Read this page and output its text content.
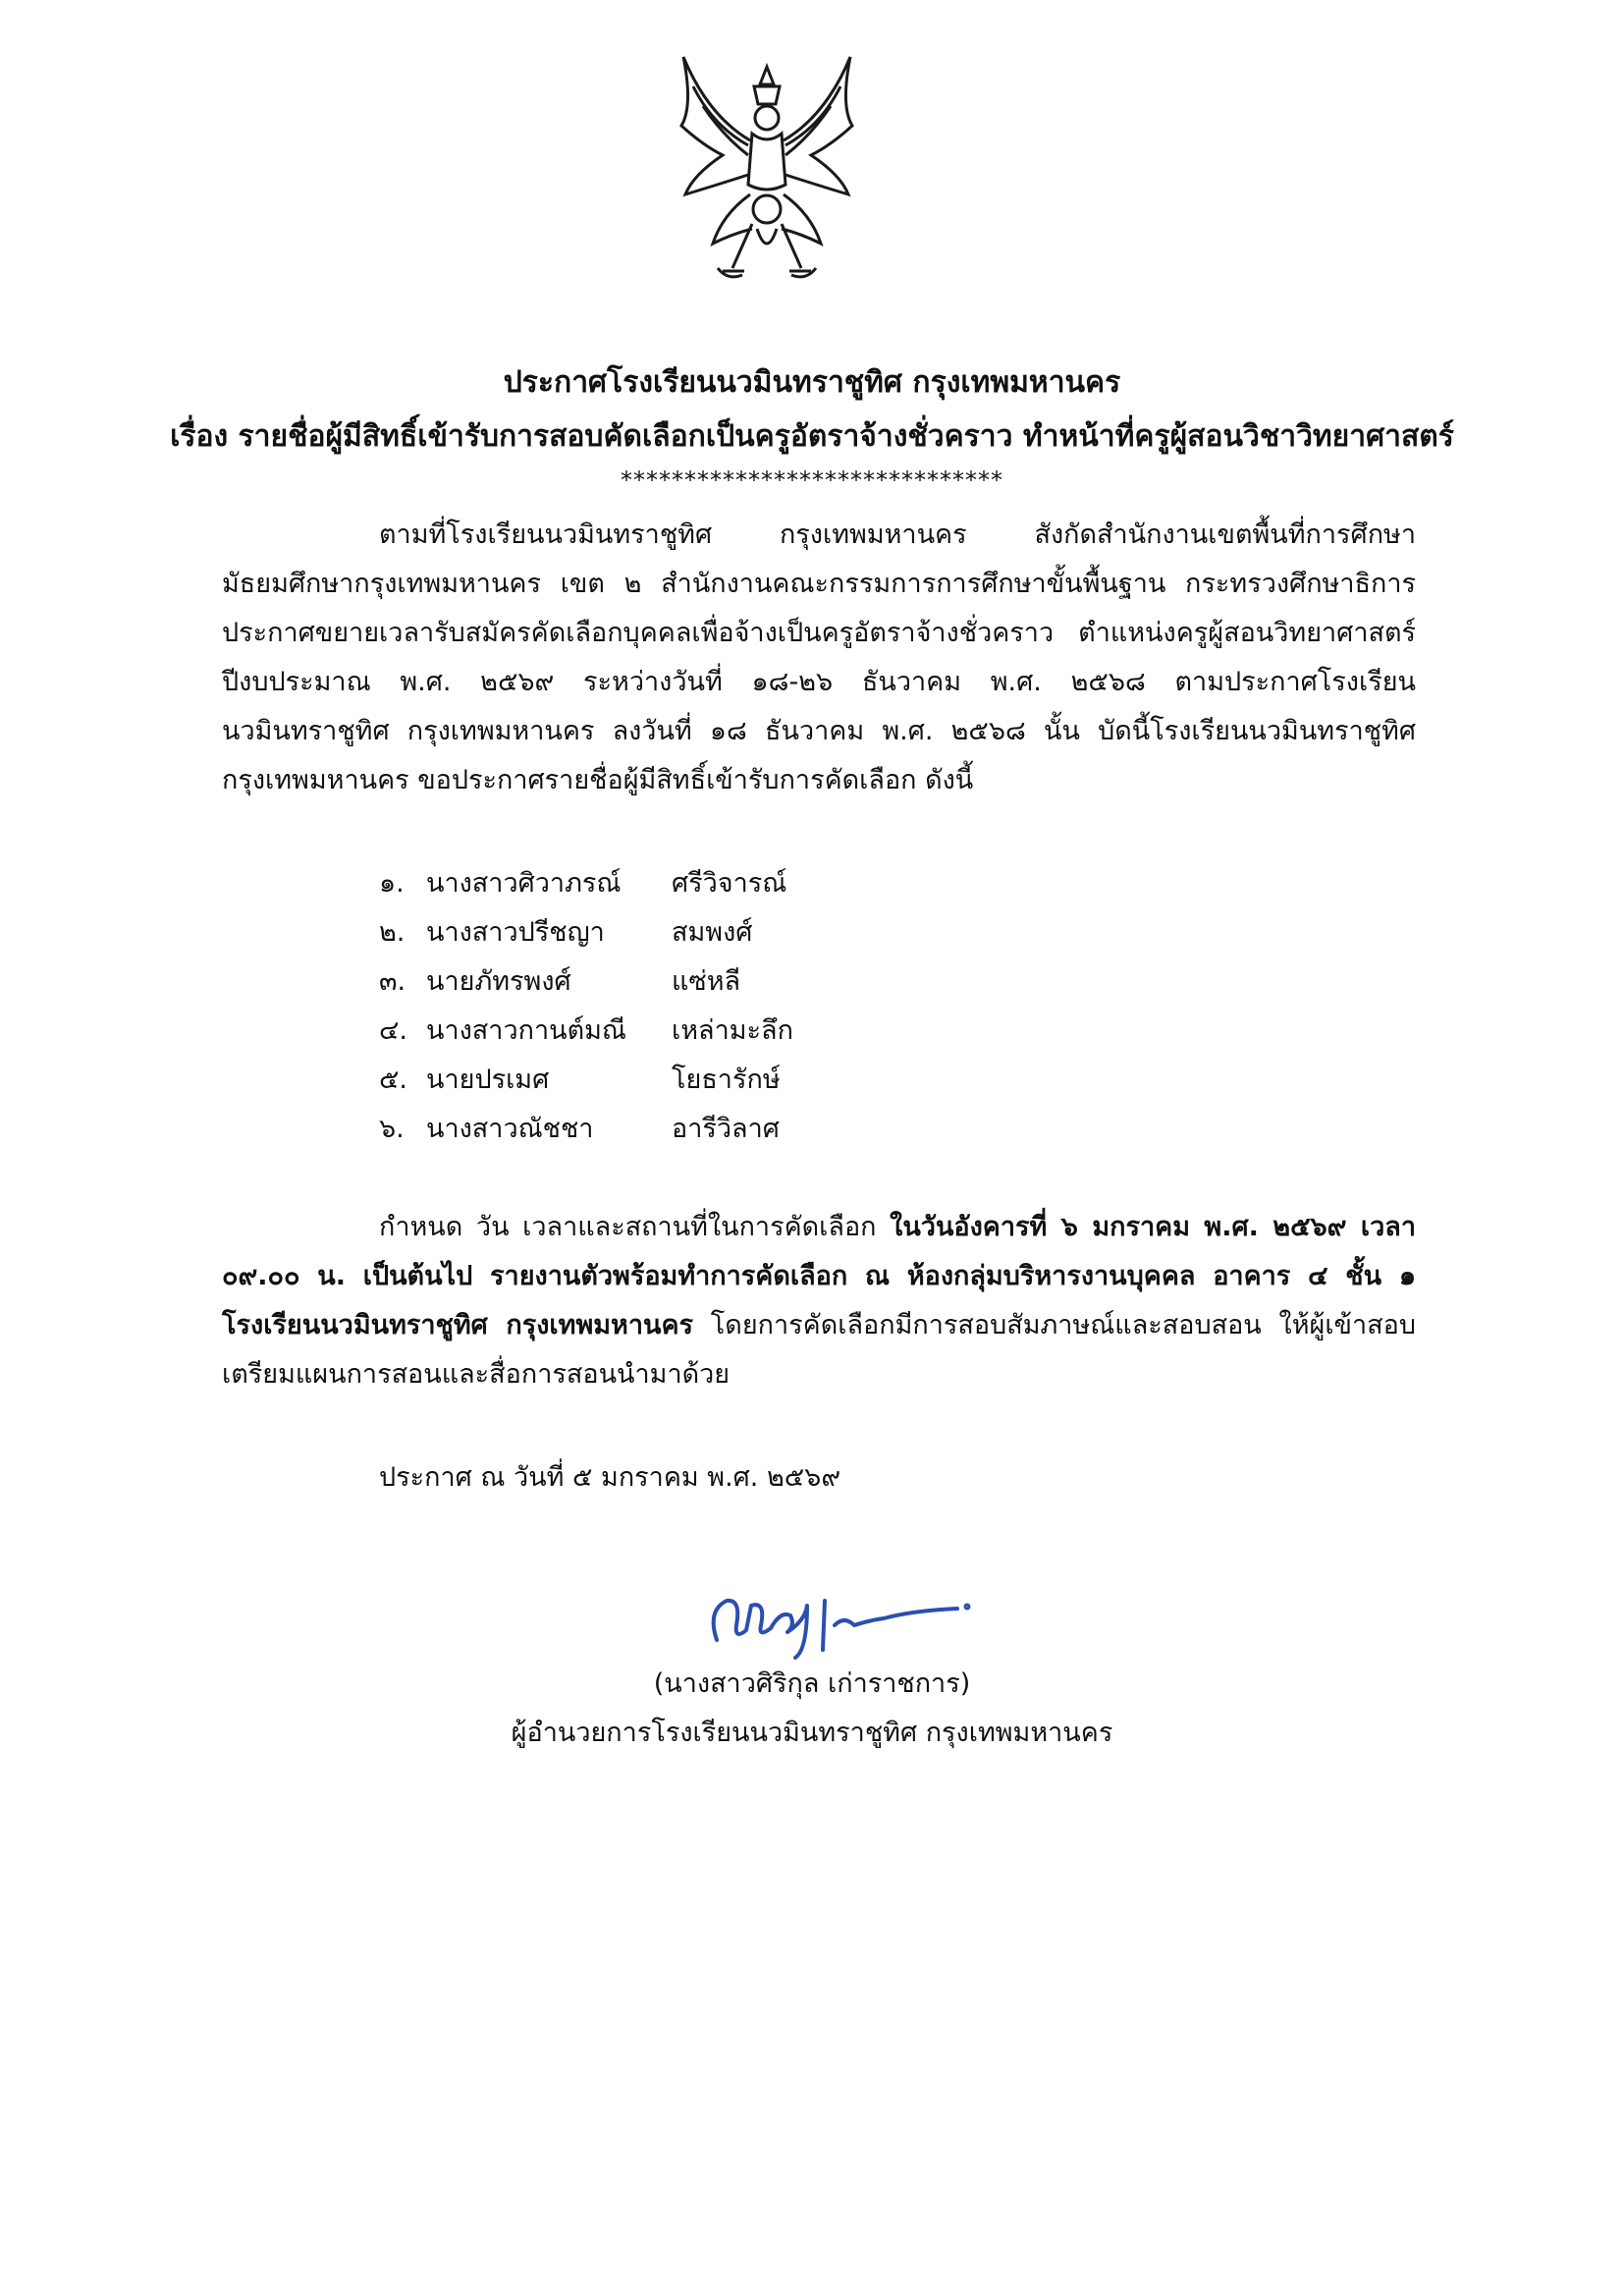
ประกาศโรงเรียนนวมินทราชูทิศ กรุงเทพมหานคร
เรื่อง รายชื่อผู้มีสิทธิ์เข้ารับการสอบคัดเลือกเป็นครูอัตราจ้างชั่วคราว ทำหน้าที่ครูผู้สอนวิชาวิทยาศาสตร์
******************************
ตามที่โรงเรียนนวมินทราชูทิศ กรุงเทพมหานคร สังกัดสำนักงานเขตพื้นที่การศึกษามัธยมศึกษากรุงเทพมหานคร เขต ๒ สำนักงานคณะกรรมการการศึกษาขั้นพื้นฐาน กระทรวงศึกษาธิการ ประกาศขยายเวลารับสมัครคัดเลือกบุคคลเพื่อจ้างเป็นครูอัตราจ้างชั่วคราว ตำแหน่งครูผู้สอนวิทยาศาสตร์ ปีงบประมาณ พ.ศ. ๒๕๖๙ ระหว่างวันที่ ๑๘-๒๖ ธันวาคม พ.ศ. ๒๕๖๘ ตามประกาศโรงเรียนนวมินทราชูทิศ กรุงเทพมหานคร ลงวันที่ ๑๘ ธันวาคม พ.ศ. ๒๕๖๘ นั้น บัดนี้โรงเรียนนวมินทราชูทิศ กรุงเทพมหานคร ขอประกาศรายชื่อผู้มีสิทธิ์เข้ารับการคัดเลือก ดังนี้
๑. นางสาวศิวาภรณ์ ศรีวิจารณ์
๒. นางสาวปรีชญา	สมพงศ์
๓. นายภัทรพงศ์	แซ่หลี
๔. นางสาวกานต์มณี เหล่ามะลึก
๕. นายปรเมศ	โยธารักษ์
๖. นางสาวณัชชา	อารีวิลาศ
กำหนด วัน เวลาและสถานที่ในการคัดเลือก ในวันอังคารที่ ๖ มกราคม พ.ศ. ๒๕๖๙ เวลา ๐๙.๐๐ น. เป็นต้นไป รายงานตัวพร้อมทำการคัดเลือก ณ ห้องกลุ่มบริหารงานบุคคล อาคาร ๔ ชั้น ๑ โรงเรียนนวมินทราชูทิศ กรุงเทพมหานคร โดยการคัดเลือกมีการสอบสัมภาษณ์และสอบสอน ให้ผู้เข้าสอบเตรียมแผนการสอนและสื่อการสอนนำมาด้วย
ประกาศ ณ วันที่ ๕ มกราคม พ.ศ. ๒๕๖๙
(นางสาวศิริกุล เก่าราชการ)
ผู้อำนวยการโรงเรียนนวมินทราชูทิศ กรุงเทพมหานคร
